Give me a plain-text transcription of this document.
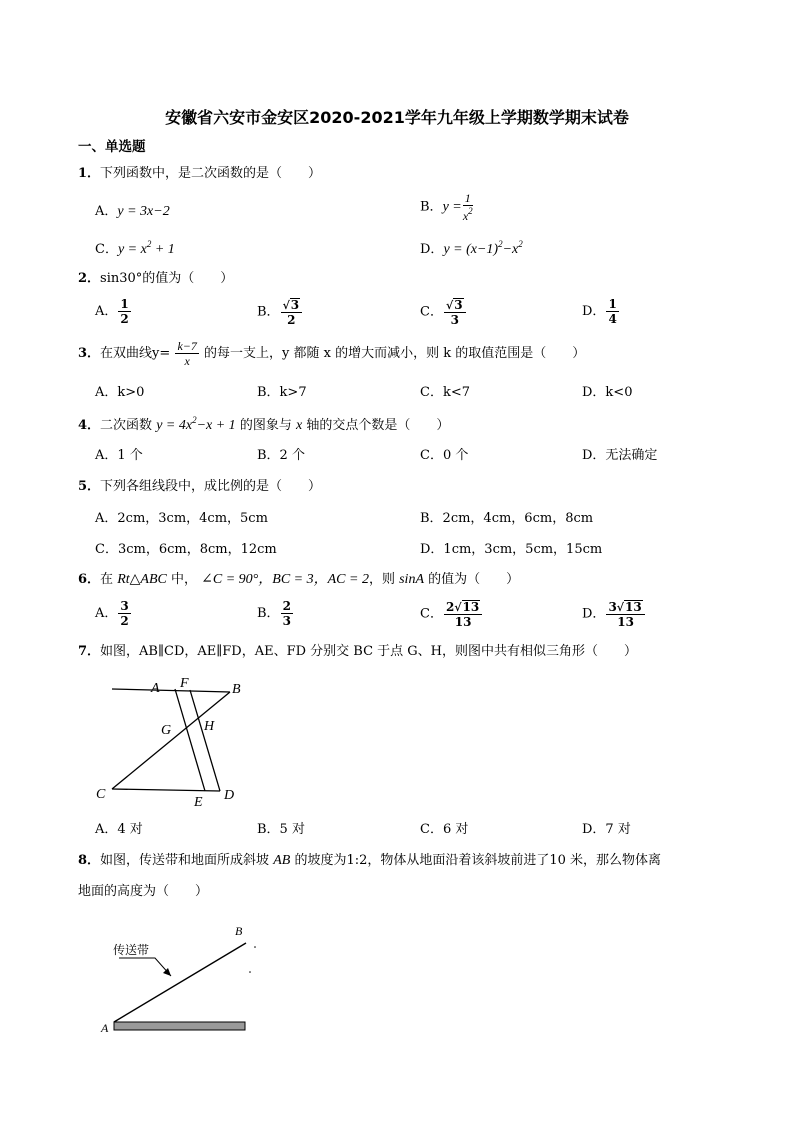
安徽省六安市金安区2020-2021学年九年级上学期数学期末试卷
一、单选题
1．下列函数中，是二次函数的是（　　）
A．y = 3x−2	B．$y = \frac{1}{x^2}$
C．$y = x^2 + 1$	D．$y = (x-1)^2-x^2$
2．sin30°的值为（　　）
A． $\frac{1}{2}$	B． $\frac{√3}{2}$	C． $\frac{√3}{3}$	D． $\frac{1}{4}$
3．在双曲线$y= \frac{k-7}{x}$ 的每一支上，y 都随 x 的增大而减小，则 k 的取值范围是（　　）
A．k>0	B．k>7	C．k<7	D．k<0
4．二次函数 $y = 4x^2-x + 1$ 的图象与 x 轴的交点个数是（　　）
A．1 个	B．2 个	C．0 个	D．无法确定
5．下列各组线段中，成比例的是（　　）
A．2cm，3cm，4cm，5cm	B．2cm，4cm，6cm，8cm
C．3cm，6cm，8cm，12cm	D．1cm，3cm，5cm，15cm
6．在 Rt△ABC 中， ∠C = 90°，BC = 3，AC = 2，则 sinA 的值为（　　）
A． $\frac{3}{2}$	B． $\frac{2}{3}$	C． $\frac{2√13}{13}$	D． $\frac{3√13}{13}$
7．如图，AB∥CD，AE∥FD，AE、FD 分别交 BC 于点 G、H，则图中共有相似三角形（　　）
A F	B
G H
C
E D
A．4 对	B．5 对	C．6 对	D．7 对
8．如图，传送带和地面所成斜坡 AB 的坡度为1:2，物体从地面沿着该斜坡前进了10 米，那么物体离
地面的高度为（　　）
传送带
A
B
